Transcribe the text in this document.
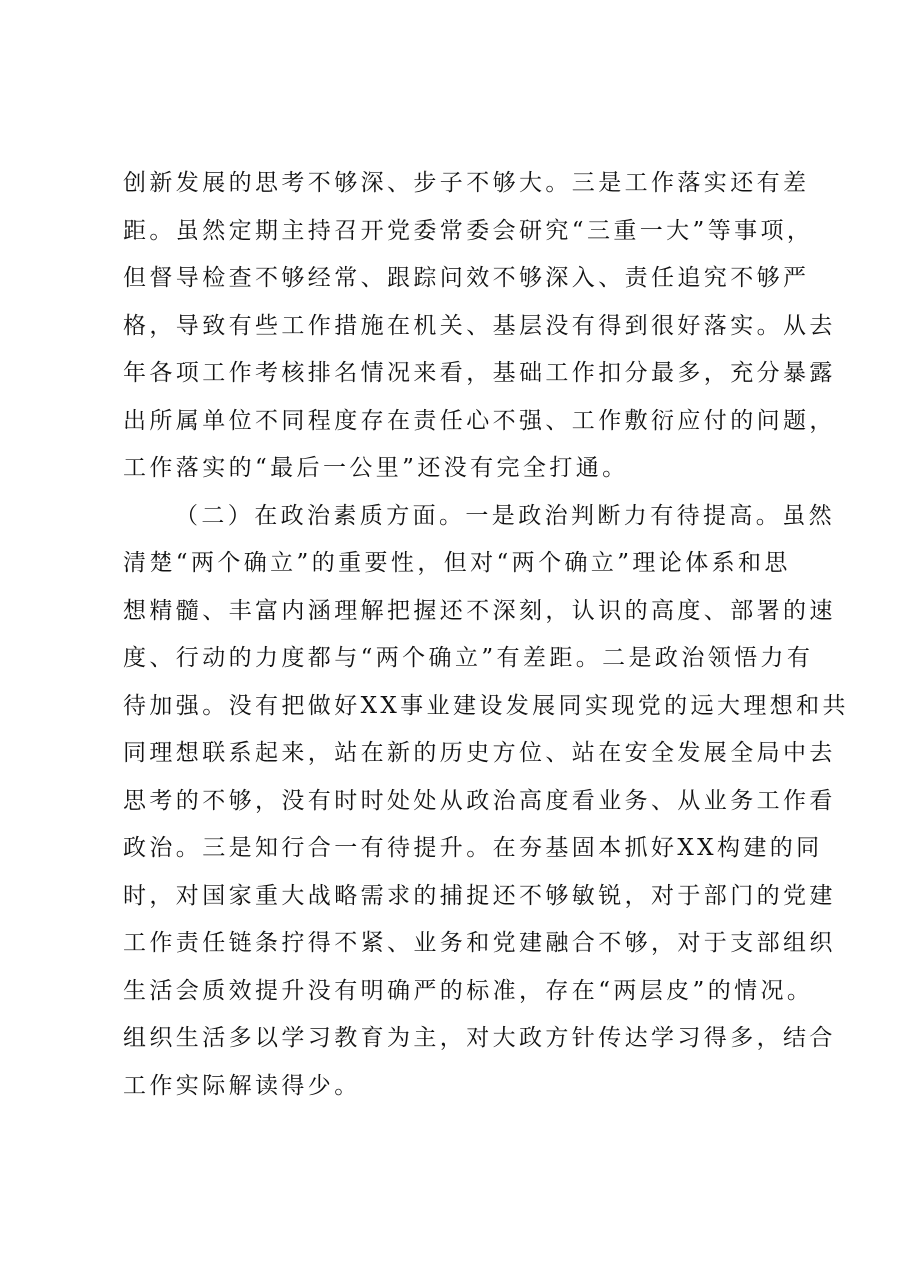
创新发展的思考不够深、步子不够大。三是工作落实还有差
距。虽然定期主持召开党委常委会研究“三重一大”等事项，
但督导检查不够经常、跟踪问效不够深入、责任追究不够严
格，导致有些工作措施在机关、基层没有得到很好落实。从去
年各项工作考核排名情况来看，基础工作扣分最多，充分暴露
出所属单位不同程度存在责任心不强、工作敷衍应付的问题，
工作落实的“最后一公里”还没有完全打通。
（二）在政治素质方面。一是政治判断力有待提高。虽然
清楚“两个确立”的重要性，但对“两个确立”理论体系和思
想精髓、丰富内涵理解把握还不深刻，认识的高度、部署的速
度、行动的力度都与“两个确立”有差距。二是政治领悟力有
待加强。没有把做好XX事业建设发展同实现党的远大理想和共
同理想联系起来，站在新的历史方位、站在安全发展全局中去
思考的不够，没有时时处处从政治高度看业务、从业务工作看
政治。三是知行合一有待提升。在夯基固本抓好XX构建的同
时，对国家重大战略需求的捕捉还不够敏锐，对于部门的党建
工作责任链条拧得不紧、业务和党建融合不够，对于支部组织
生活会质效提升没有明确严的标准，存在“两层皮”的情况。
组织生活多以学习教育为主，对大政方针传达学习得多，结合
工作实际解读得少。
